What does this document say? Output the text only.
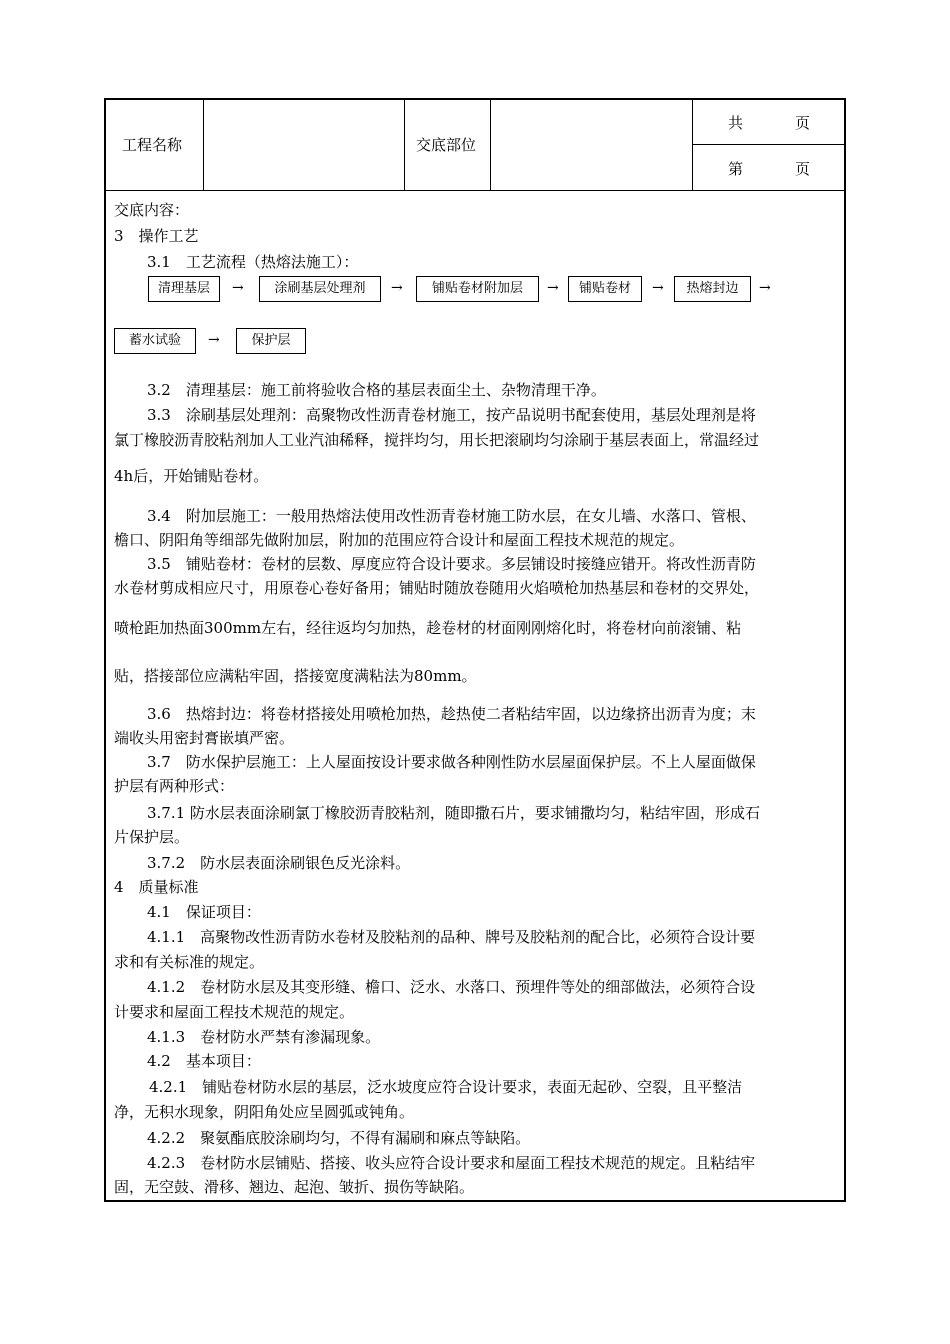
工程名称	交底部位
共	页
第	页
交底内容：
3　操作工艺
3.1　工艺流程（热熔法施工）：
清理基层	→	涂刷基层处理剂	→	铺贴卷材附加层	→	铺贴卷材	→	热熔封边	→
蓄水试验	→	保护层
3.2　清理基层：施工前将验收合格的基层表面尘土、杂物清理干净。
3.3　涂刷基层处理剂：高聚物改性沥青卷材施工，按产品说明书配套使用，基层处理剂是将
氯丁橡胶沥青胶粘剂加人工业汽油稀释，搅拌均匀，用长把滚刷均匀涂刷于基层表面上，常温经过
4h后，开始铺贴卷材。
3.4　附加层施工：一般用热熔法使用改性沥青卷材施工防水层，在女儿墙、水落口、管根、
檐口、阴阳角等细部先做附加层，附加的范围应符合设计和屋面工程技术规范的规定。
3.5　铺贴卷材：卷材的层数、厚度应符合设计要求。多层铺设时接缝应错开。将改性沥青防
水卷材剪成相应尺寸，用原卷心卷好备用；铺贴时随放卷随用火焰喷枪加热基层和卷材的交界处，
喷枪距加热面300mm左右，经往返均匀加热，趁卷材的材面刚刚熔化时，将卷材向前滚铺、粘
贴，搭接部位应满粘牢固，搭接宽度满粘法为80mm。
3.6　热熔封边：将卷材搭接处用喷枪加热，趁热使二者粘结牢固，以边缘挤出沥青为度；末
端收头用密封膏嵌填严密。
3.7　防水保护层施工：上人屋面按设计要求做各种刚性防水层屋面保护层。不上人屋面做保
护层有两种形式：
3.7.1 防水层表面涂刷氯丁橡胶沥青胶粘剂，随即撒石片，要求铺撒均匀，粘结牢固，形成石
片保护层。
3.7.2　防水层表面涂刷银色反光涂料。
4　质量标准
4.1　保证项目：
4.1.1　高聚物改性沥青防水卷材及胶粘剂的品种、牌号及胶粘剂的配合比，必须符合设计要
求和有关标准的规定。
4.1.2　卷材防水层及其变形缝、檐口、泛水、水落口、预埋件等处的细部做法，必须符合设
计要求和屋面工程技术规范的规定。
4.1.3　卷材防水严禁有渗漏现象。
4.2　基本项目：
4.2.1　铺贴卷材防水层的基层，泛水坡度应符合设计要求，表面无起砂、空裂，且平整洁
净，无积水现象，阴阳角处应呈圆弧或钝角。
4.2.2　聚氨酯底胶涂刷均匀，不得有漏刷和麻点等缺陷。
4.2.3　卷材防水层铺贴、搭接、收头应符合设计要求和屋面工程技术规范的规定。且粘结牢
固，无空鼓、滑移、翘边、起泡、皱折、损伤等缺陷。
